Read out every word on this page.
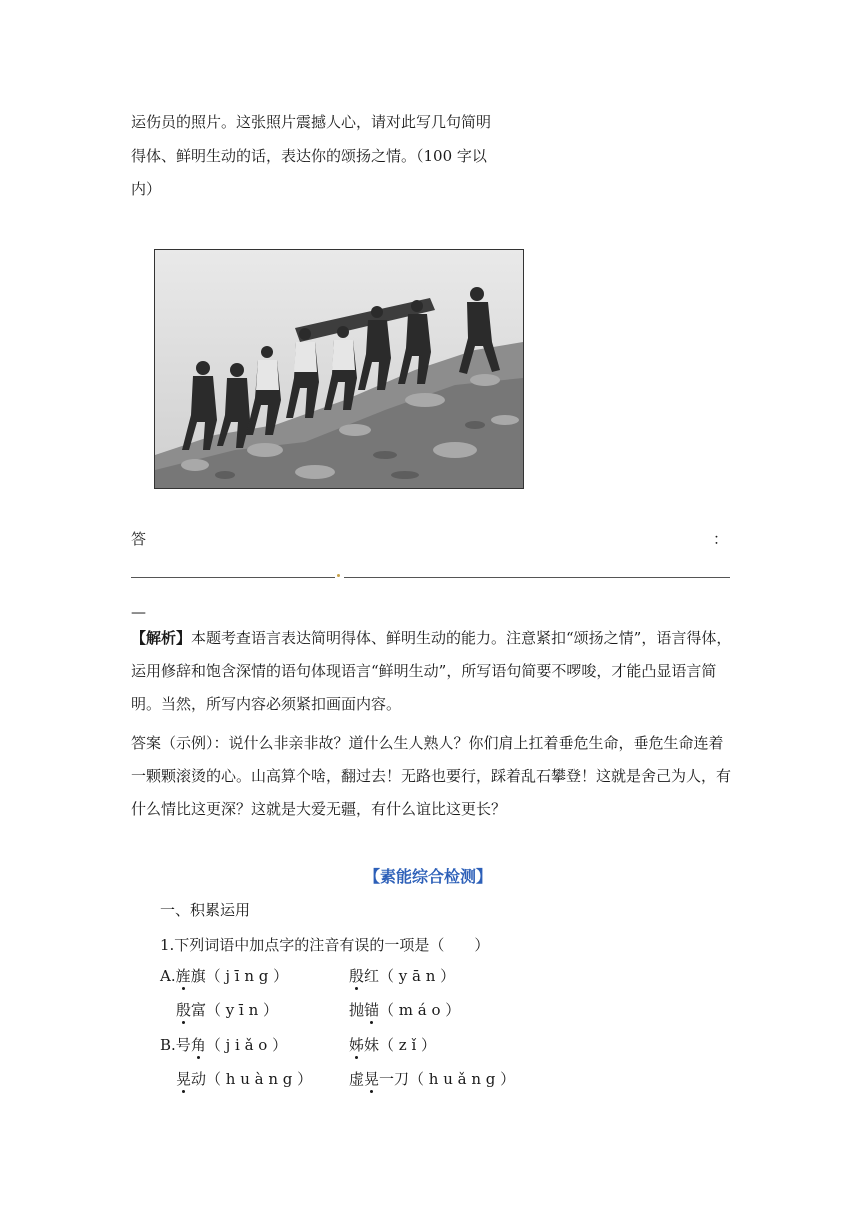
运伤员的照片。这张照片震撼人心，请对此写几句简明
得体、鲜明生动的话，表达你的颂扬之情。（100 字以
内）
答	：
—
【解析】本题考查语言表达简明得体、鲜明生动的能力。注意紧扣“颂扬之情”，语言得体，运用修辞和饱含深情的语句体现语言“鲜明生动”，所写语句简要不啰唆，才能凸显语言简明。当然，所写内容必须紧扣画面内容。
答案（示例）：说什么非亲非故？道什么生人熟人？你们肩上扛着垂危生命，垂危生命连着一颗颗滚烫的心。山高算个啥，翻过去！无路也要行，踩着乱石攀登！这就是舍己为人，有什么情比这更深？这就是大爱无疆，有什么谊比这更长？
【素能综合检测】
一、积累运用
1.下列词语中加点字的注音有误的一项是（　　）
A.旌旗（ j ī n g ）	殷红（ y ā n ）
殷富（ y ī n ）	抛锚（ m á o ）
B.号角（ j i ǎ o ）	姊妹（ z ǐ ）
晃动（ h u à n g ） 虚晃一刀（ h u ǎ n g ）
